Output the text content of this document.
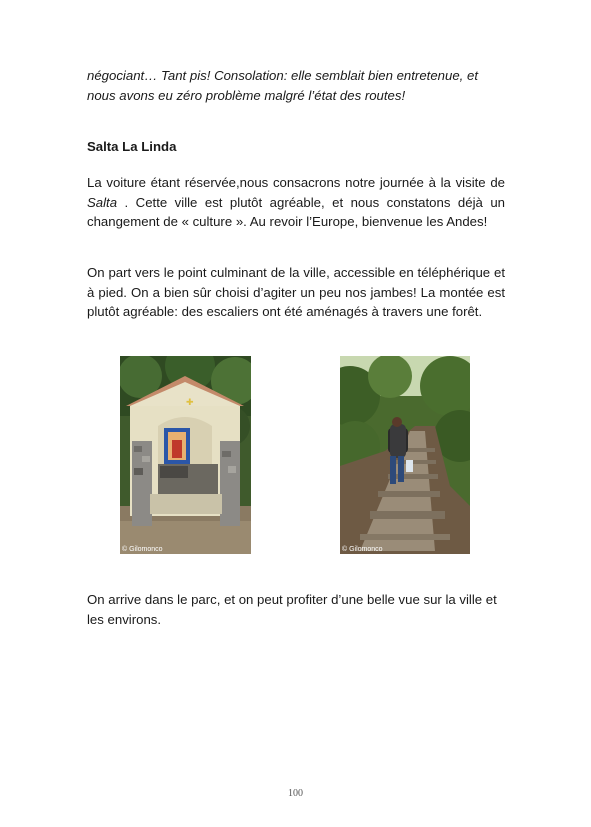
négociant… Tant pis! Consolation: elle semblait bien entretenue, et
nous avons eu zéro problème malgré l’état des routes!
Salta La Linda
La voiture étant réservée,nous consacrons notre journée à la visite de Salta . Cette ville est plutôt agréable, et nous constatons déjà un changement de « culture ». Au revoir l’Europe, bienvenue les Andes!
On part vers le point culminant de la ville, accessible en téléphérique et à pied. On a bien sûr choisi d’agiter un peu nos jambes! La montée est plutôt agréable: des escaliers ont été aménagés à travers une forêt.
✚
© Gilomonco	© Gilomonco
On arrive dans le parc, et on peut profiter d’une belle vue sur la ville et les environs.
100
